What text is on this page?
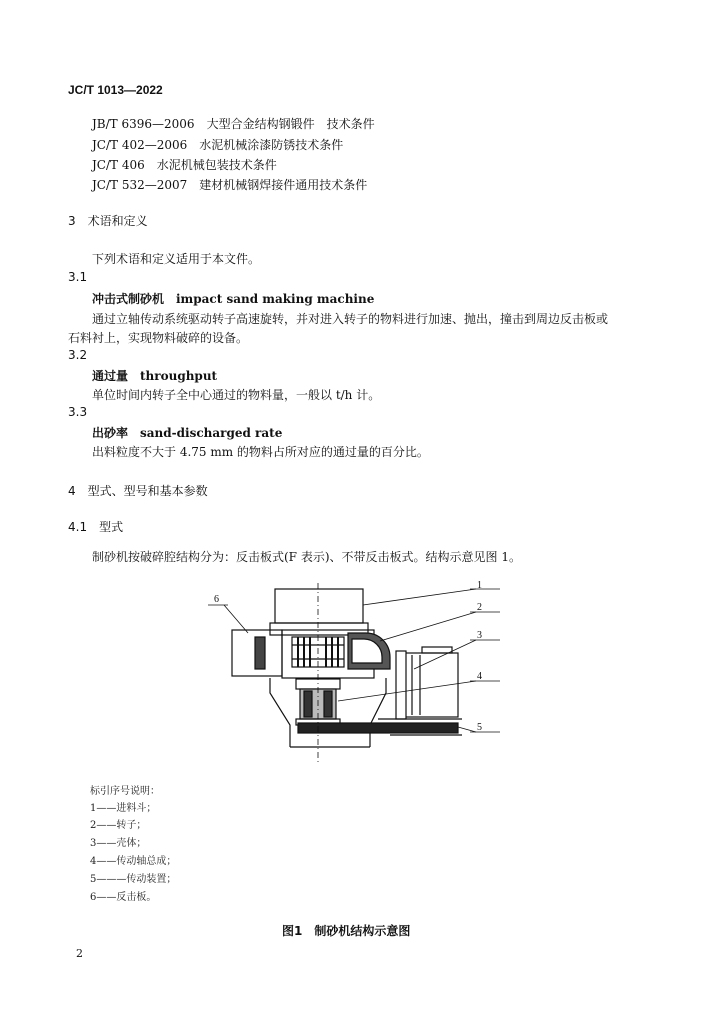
JC/T 1013—2022
JB/T 6396—2006　大型合金结构钢锻件　技术条件
JC/T 402—2006　水泥机械涂漆防锈技术条件
JC/T 406　水泥机械包装技术条件
JC/T 532—2007　建材机械钢焊接件通用技术条件
3　术语和定义
下列术语和定义适用于本文件。
3.1
冲击式制砂机　impact sand making machine
通过立轴传动系统驱动转子高速旋转，并对进入转子的物料进行加速、抛出，撞击到周边反击板或
石料衬上，实现物料破碎的设备。
3.2
通过量　throughput
单位时间内转子全中心通过的物料量，一般以 t/h 计。
3.3
出砂率　sand-discharged rate
出料粒度不大于 4.75 mm 的物料占所对应的通过量的百分比。
4　型式、型号和基本参数
4.1　型式
制砂机按破碎腔结构分为：反击板式(F 表示)、不带反击板式。结构示意见图 1。
1
2
3
4
5
6
标引序号说明：
1——进料斗；
2——转子；
3——壳体；
4——传动轴总成；
5———传动装置；
6——反击板。
图1　制砂机结构示意图
2
